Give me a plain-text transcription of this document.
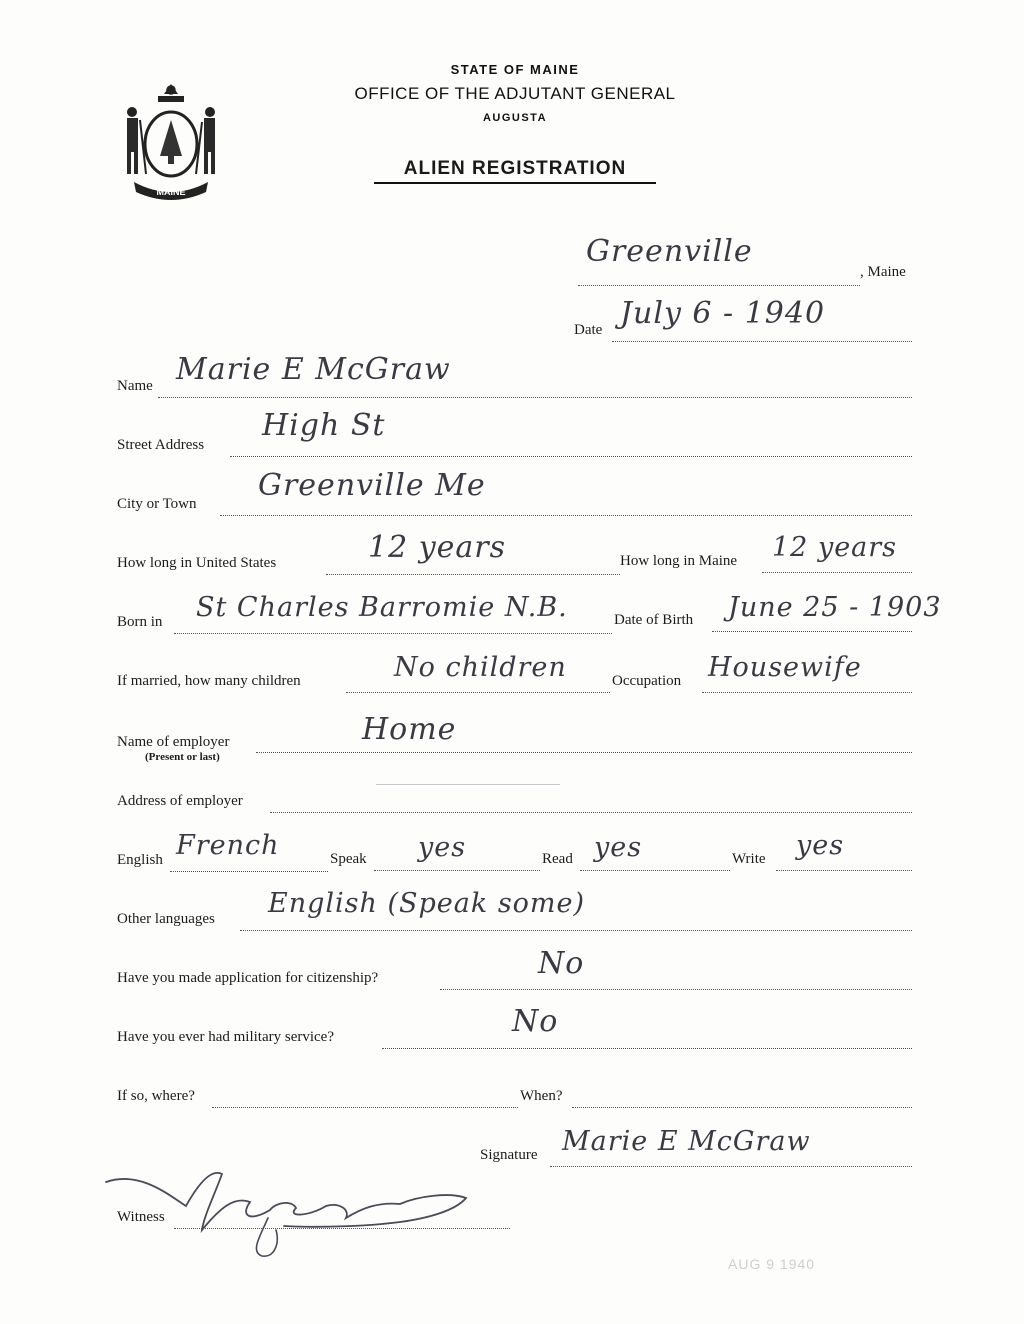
MAINE
STATE OF MAINE
OFFICE OF THE ADJUTANT GENERAL
AUGUSTA
ALIEN REGISTRATION
Greenville
, Maine
Date July 6 - 1940
Name Marie E McGraw
Street Address
High St
City or Town
Greenville Me
How long in United States	12 years	How long in Maine 12 years
Born in St Charles Barromie N.B.	Date of Birth June 25 - 1903
If married, how many children	No children	Occupation Housewife
Name of employer
(Present or last)
Home
Address of employer
English French	Speak yes	Read yes	Write yes
Other languages English (Speak some)
Have you made application for citizenship?	No
Have you ever had military service?	No
If so, where?	When?
Signature Marie E McGraw
Witness
AUG 9 1940
